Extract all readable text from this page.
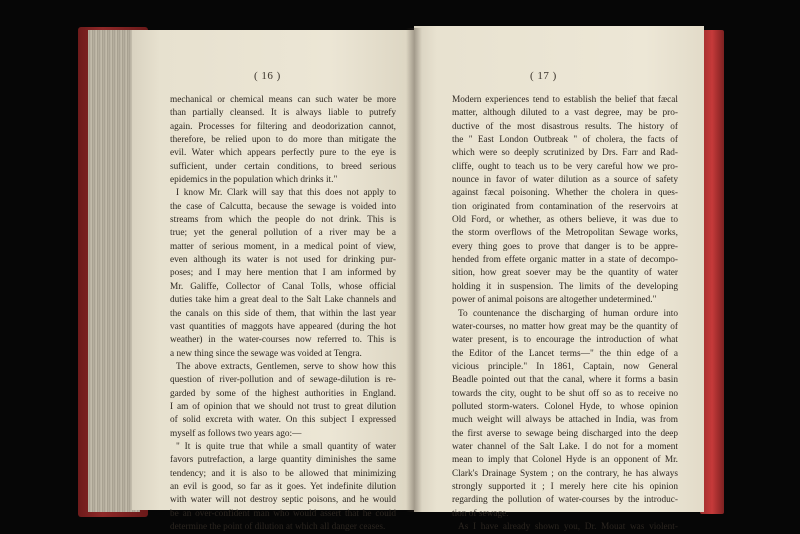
( 16 )	( 17 )
mechanical or chemical means can such water be more
than partially cleansed. It is always liable to putrefy
again. Processes for filtering and deodorization cannot,
therefore, be relied upon to do more than mitigate the
evil. Water which appears perfectly pure to the eye is
sufficient, under certain conditions, to breed serious
epidemics in the population which drinks it."
I know Mr. Clark will say that this does not apply to
the case of Calcutta, because the sewage is voided into
streams from which the people do not drink. This is
true; yet the general pollution of a river may be a
matter of serious moment, in a medical point of view,
even although its water is not used for drinking pur-
poses; and I may here mention that I am informed by
Mr. Galiffe, Collector of Canal Tolls, whose official
duties take him a great deal to the Salt Lake channels and
the canals on this side of them, that within the last year
vast quantities of maggots have appeared (during the hot
weather) in the water-courses now referred to. This is
a new thing since the sewage was voided at Tengra.
The above extracts, Gentlemen, serve to show how this
question of river-pollution and of sewage-dilution is re-
garded by some of the highest authorities in England.
I am of opinion that we should not trust to great dilution
of solid excreta with water. On this subject I expressed
myself as follows two years ago:—
" It is quite true that while a small quantity of water
favors putrefaction, a large quantity diminishes the same
tendency; and it is also to be allowed that minimizing
an evil is good, so far as it goes. Yet indefinite dilution
with water will not destroy septic poisons, and he would
be an over-confident man who would assert that he could
determine the point of dilution at which all danger ceases.
Modern experiences tend to establish the belief that fæcal
matter, although diluted to a vast degree, may be pro-
ductive of the most disastrous results. The history of
the " East London Outbreak " of cholera, the facts of
which were so deeply scrutinized by Drs. Farr and Rad-
cliffe, ought to teach us to be very careful how we pro-
nounce in favor of water dilution as a source of safety
against fæcal poisoning. Whether the cholera in ques-
tion originated from contamination of the reservoirs at
Old Ford, or whether, as others believe, it was due to
the storm overflows of the Metropolitan Sewage works,
every thing goes to prove that danger is to be appre-
hended from effete organic matter in a state of decompo-
sition, how great soever may be the quantity of water
holding it in suspension. The limits of the developing
power of animal poisons are altogether undetermined."
To countenance the discharging of human ordure into
water-courses, no matter how great may be the quantity of
water present, is to encourage the introduction of what
the Editor of the Lancet terms—" the thin edge of a
vicious principle." In 1861, Captain, now General
Beadle pointed out that the canal, where it forms a basin
towards the city, ought to be shut off so as to receive no
polluted storm-waters. Colonel Hyde, to whose opinion
much weight will always be attached in India, was from
the first averse to sewage being discharged into the deep
water channel of the Salt Lake. I do not for a moment
mean to imply that Colonel Hyde is an opponent of Mr.
Clark's Drainage System ; on the contrary, he has always
strongly supported it ; I merely here cite his opinion
regarding the pollution of water-courses by the introduc-
tion of sewage.
As I have already shown you, Dr. Mouat was violent-
